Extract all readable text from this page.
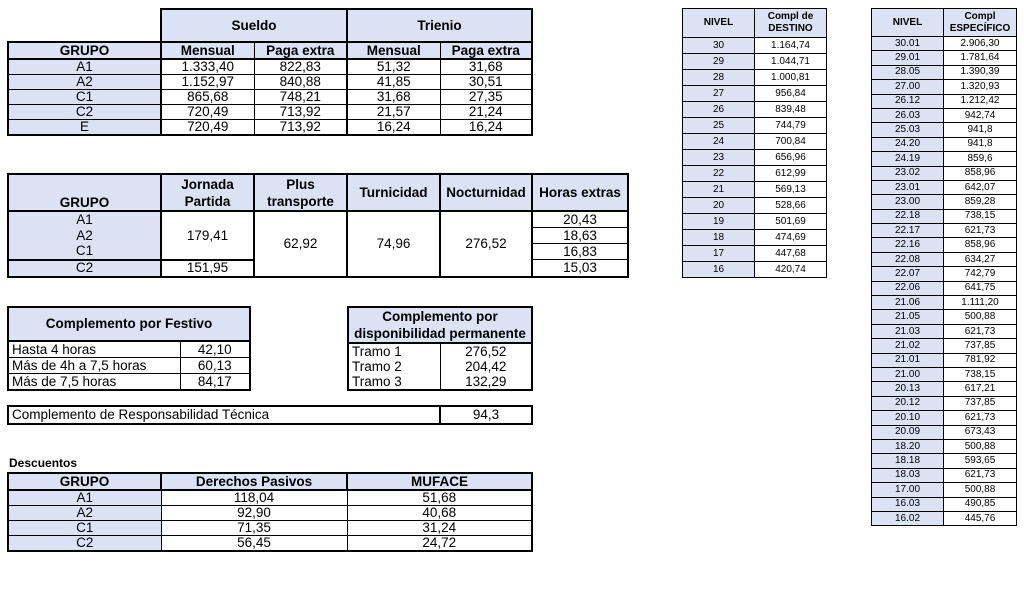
	Sueldo		Trienio	
GRUPO	Mensual	Paga extra	Mensual	Paga extra
A1	1.333,40	822,83	51,32	31,68
A2	1.152,97	840,88	41,85	30,51
C1	865,68	748,21	31,68	27,35
C2	720,49	713,92	21,57	21,24
E	720,49	713,92	16,24	16,24
GRUPO	Jornada Partida	Plus transporte	Turnicidad	Nocturnidad	Horas extras
A1	179,41	62,92	74,96	276,52	20,43
A2					18,63
C1					16,83
C2	151,95				15,03
Complemento por Festivo	
Hasta 4 horas	42,10
Más de 4h a 7,5 horas	60,13
Más de 7,5 horas	84,17
Complemento por disponibilidad permanente	
Tramo 1	276,52
Tramo 2	204,42
Tramo 3	132,29
Complemento de Responsabilidad Técnica	94,3
Descuentos
GRUPO	Derechos Pasivos	MUFACE
A1	118,04	51,68
A2	92,90	40,68
C1	71,35	31,24
C2	56,45	24,72
NIVEL	Compl de DESTINO
30	1.164,74
29	1.044,71
28	1.000,81
27	956,84
26	839,48
25	744,79
24	700,84
23	656,96
22	612,99
21	569,13
20	528,66
19	501,69
18	474,69
17	447,68
16	420,74
NIVEL	Compl ESPECÍFICO
30.01	2.906,30
29.01	1.781,64
28.05	1.390,39
27.00	1.320,93
26.12	1.212,42
26.03	942,74
25.03	941,8
24.20	941,8
24.19	859,6
23.02	858,96
23.01	642,07
23.00	859,28
22.18	738,15
22.17	621,73
22.16	858,96
22.08	634,27
22.07	742,79
22.06	641,75
21.06	1.111,20
21.05	500,88
21.03	621,73
21.02	737,85
21.01	781,92
21.00	738,15
20.13	617,21
20.12	737,85
20.10	621,73
20.09	673,43
18.20	500,88
18.18	593,65
18.03	621,73
17.00	500,88
16.03	490,85
16.02	445,76
